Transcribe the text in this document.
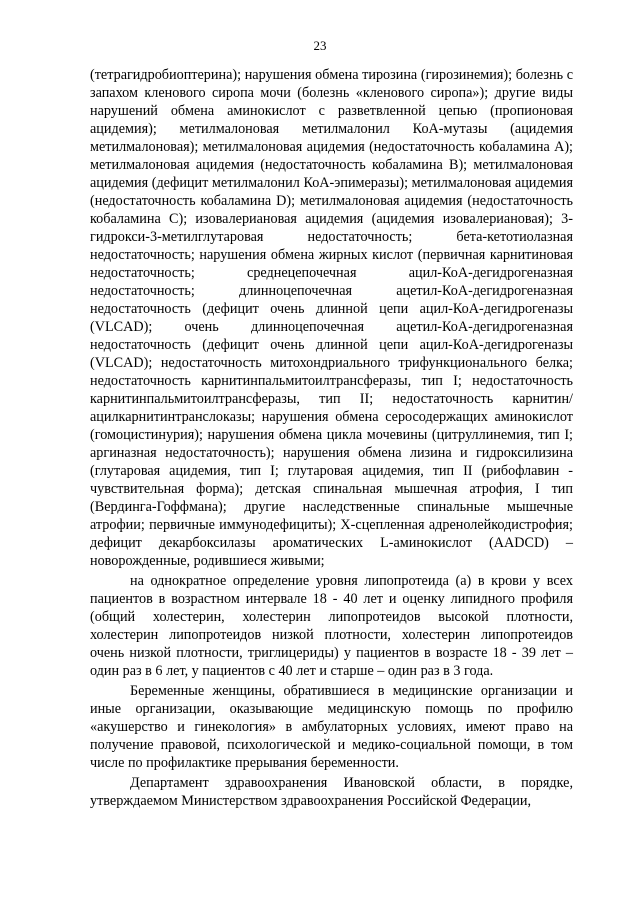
23

(тетрагидробиоптерина); нарушения обмена тирозина (гирозинемия); болезнь с запахом кленового сиропа мочи (болезнь «кленового сиропа»); другие виды нарушений обмена аминокислот с разветвленной цепью (пропионовая ацидемия); метилмалоновая метилмалонил КоА-мутазы (ацидемия метилмалоновая); метилмалоновая ацидемия (недостаточность кобаламина А); метилмалоновая ацидемия (недостаточность кобаламина В); метилмалоновая ацидемия (дефицит метилмалонил КоА-эпимеразы); метилмалоновая ацидемия (недостаточность кобаламина D); метилмалоновая ацидемия (недостаточность кобаламина С); изовалериановая ацидемия (ацидемия изовалериановая); 3-гидрокси-3-метилглутаровая недостаточность; бета-кетотиолазная недостаточность; нарушения обмена жирных кислот (первичная карнитиновая недостаточность; среднецепочечная ацил-КоА-дегидрогеназная недостаточность; длинноцепочечная ацетил-КоА-дегидрогеназная недостаточность (дефицит очень длинной цепи ацил-КоА-дегидрогеназы (VLCAD); очень длинноцепочечная ацетил-КоА-дегидрогеназная недостаточность (дефицит очень длинной цепи ацил-КоА-дегидрогеназы (VLCAD); недостаточность митохондриального трифункционального белка; недостаточность карнитинпальмитоилтрансферазы, тип I; недостаточность карнитинпальмитоилтрансферазы, тип II; недостаточность карнитин/ацилкарнитинтранслоказы; нарушения обмена серосодержащих аминокислот (гомоцистинурия); нарушения обмена цикла мочевины (цитруллинемия, тип I; аргиназная недостаточность); нарушения обмена лизина и гидроксилизина (глутаровая ацидемия, тип I; глутаровая ацидемия, тип II (рибофлавин - чувствительная форма); детская спинальная мышечная атрофия, I тип (Вердинга-Гоффмана); другие наследственные спинальные мышечные атрофии; первичные иммунодефициты); Х-сцепленная адренолейкодистрофия; дефицит декарбоксилазы ароматических L-аминокислот (AADCD) – новорожденные, родившиеся живыми;

на однократное определение уровня липопротеида (а) в крови у всех пациентов в возрастном интервале 18 - 40 лет и оценку липидного профиля (общий холестерин, холестерин липопротеидов высокой плотности, холестерин липопротеидов низкой плотности, холестерин липопротеидов очень низкой плотности, триглицериды) у пациентов в возрасте 18 - 39 лет – один раз в 6 лет, у пациентов с 40 лет и старше – один раз в 3 года.

Беременные женщины, обратившиеся в медицинские организации и иные организации, оказывающие медицинскую помощь по профилю «акушерство и гинекология» в амбулаторных условиях, имеют право на получение правовой, психологической и медико-социальной помощи, в том числе по профилактике прерывания беременности.

Департамент здравоохранения Ивановской области, в порядке, утверждаемом Министерством здравоохранения Российской Федерации,
